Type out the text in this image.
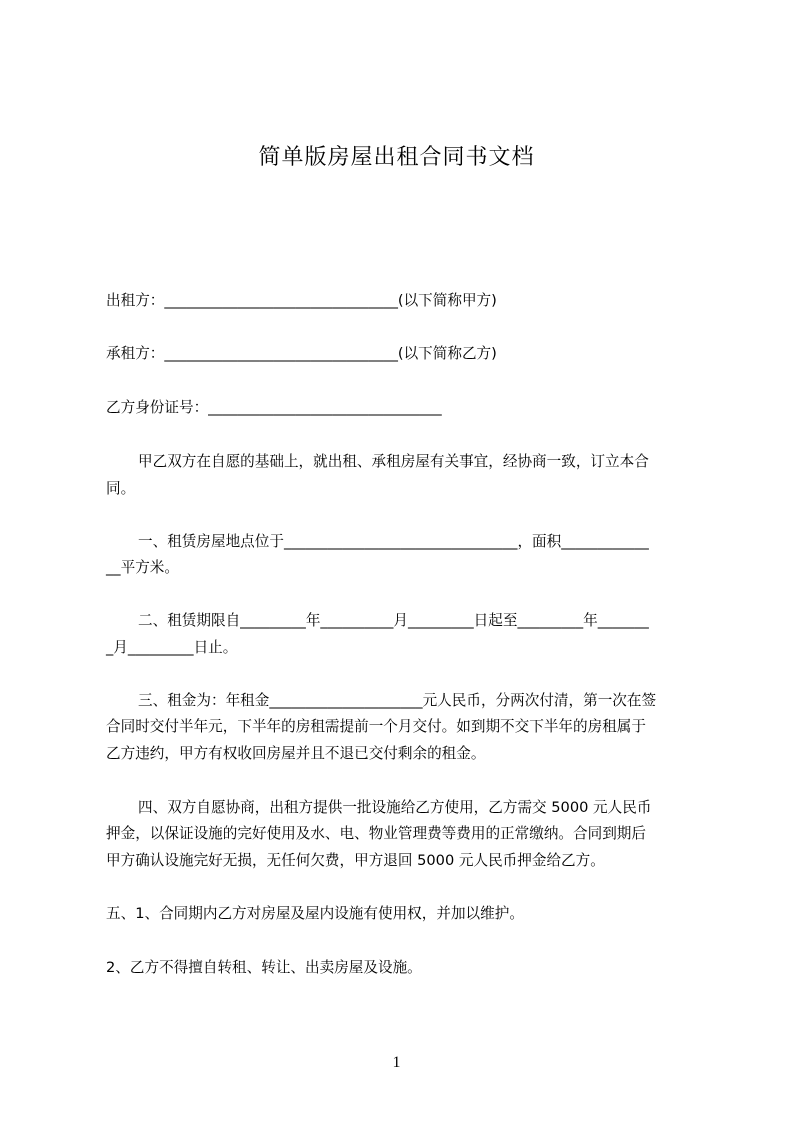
简单版房屋出租合同书文档

出租方：________________________________(以下简称甲方)

承租方：________________________________(以下简称乙方)

乙方身份证号：________________________________

甲乙双方在自愿的基础上，就出租、承租房屋有关事宜，经协商一致，订立本合

同。

一、租赁房屋地点位于________________________________，面积____________

__平方米。

二、租赁期限自_________年__________月_________日起至_________年_______

_月_________日止。

三、租金为：年租金_____________________元人民币，分两次付清，第一次在签

合同时交付半年元，下半年的房租需提前一个月交付。如到期不交下半年的房租属于

乙方违约，甲方有权收回房屋并且不退已交付剩余的租金。

四、双方自愿协商，出租方提供一批设施给乙方使用，乙方需交 5000 元人民币

押金，以保证设施的完好使用及水、电、物业管理费等费用的正常缴纳。合同到期后

甲方确认设施完好无损，无任何欠费，甲方退回 5000 元人民币押金给乙方。

五、1、合同期内乙方对房屋及屋内设施有使用权，并加以维护。

2、乙方不得擅自转租、转让、出卖房屋及设施。

1
